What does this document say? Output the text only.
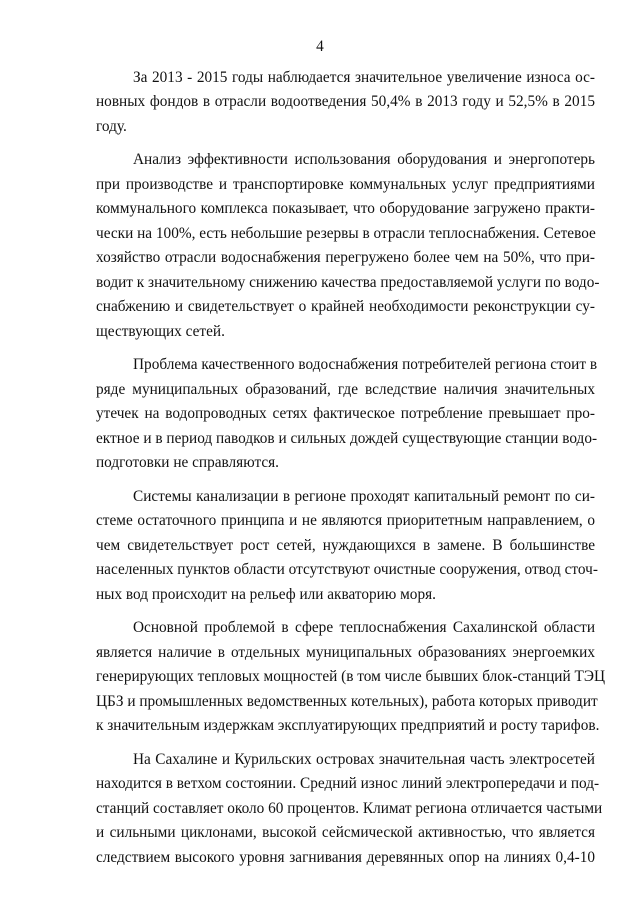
4
За 2013 - 2015 годы наблюдается значительное увеличение износа ос-
новных фондов в отрасли водоотведения 50,4% в 2013 году и 52,5% в 2015
году.
Анализ эффективности использования оборудования и энергопотерь
при производстве и транспортировке коммунальных услуг предприятиями
коммунального комплекса показывает, что оборудование загружено практи-
чески на 100%, есть небольшие резервы в отрасли теплоснабжения. Сетевое
хозяйство отрасли водоснабжения перегружено более чем на 50%, что при-
водит к значительному снижению качества предоставляемой услуги по водо-
снабжению и свидетельствует о крайней необходимости реконструкции су-
ществующих сетей.
Проблема качественного водоснабжения потребителей региона стоит в
ряде муниципальных образований, где вследствие наличия значительных
утечек на водопроводных сетях фактическое потребление превышает про-
ектное и в период паводков и сильных дождей существующие станции водо-
подготовки не справляются.
Системы канализации в регионе проходят капитальный ремонт по си-
стеме остаточного принципа и не являются приоритетным направлением, о
чем свидетельствует рост сетей, нуждающихся в замене. В большинстве
населенных пунктов области отсутствуют очистные сооружения, отвод сточ-
ных вод происходит на рельеф или акваторию моря.
Основной проблемой в сфере теплоснабжения Сахалинской области
является наличие в отдельных муниципальных образованиях энергоемких
генерирующих тепловых мощностей (в том числе бывших блок-станций ТЭЦ
ЦБЗ и промышленных ведомственных котельных), работа которых приводит
к значительным издержкам эксплуатирующих предприятий и росту тарифов.
На Сахалине и Курильских островах значительная часть электросетей
находится в ветхом состоянии. Средний износ линий электропередачи и под-
станций составляет около 60 процентов. Климат региона отличается частыми
и сильными циклонами, высокой сейсмической активностью, что является
следствием высокого уровня загнивания деревянных опор на линиях 0,4-10
